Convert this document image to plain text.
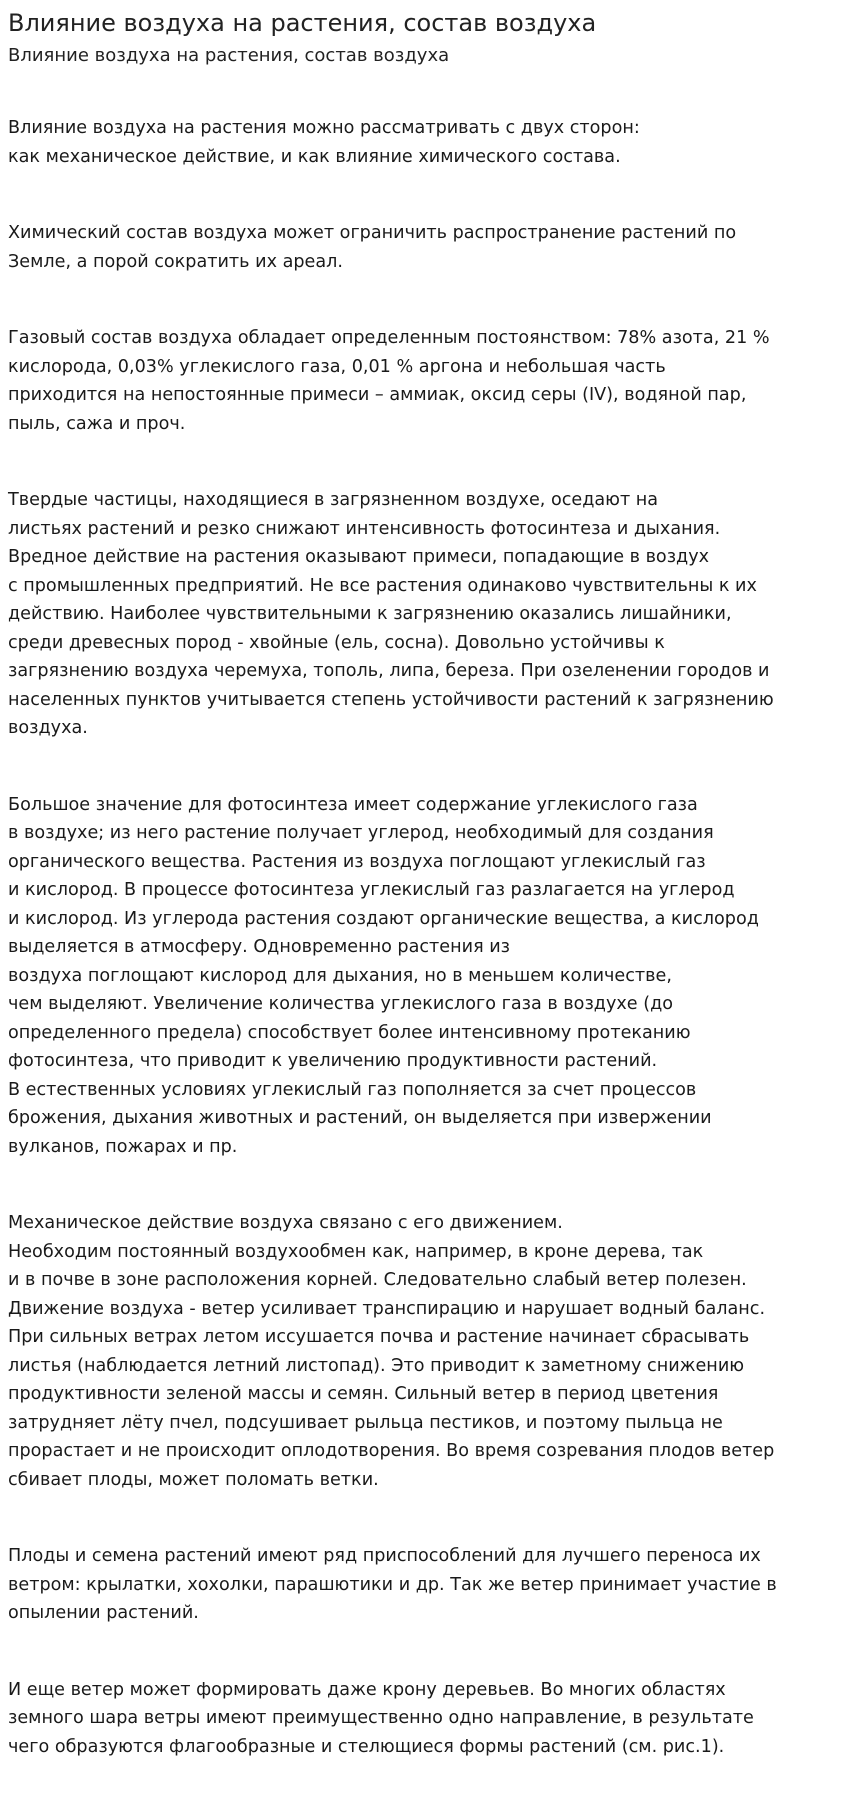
Влияние воздуха на растения, состав воздуха

Влияние воздуха на растения, состав воздуха

Влияние воздуха на растения можно рассматривать с двух сторон:
как механическое действие, и как влияние химического состава.

Химический состав воздуха может ограничить распространение растений по
Земле, а порой сократить их ареал.

Газовый состав воздуха обладает определенным постоянством: 78% азота, 21 %
кислорода, 0,03% углекислого газа, 0,01 % аргона и небольшая часть
приходится на непостоянные примеси – аммиак, оксид серы (IV), водяной пар,
пыль, сажа и проч.

Твердые частицы, находящиеся в загрязненном воздухе, оседают на
листьях растений и резко снижают интенсивность фотосинтеза и дыхания.
Вредное действие на растения оказывают примеси, попадающие в воздух
с промышленных предприятий. Не все растения одинаково чувствительны к их
действию. Наиболее чувствительными к загрязнению оказались лишайники,
среди древесных пород - хвойные (ель, сосна). Довольно устойчивы к
загрязнению воздуха черемуха, тополь, липа, береза. При озеленении городов и
населенных пунктов учитывается степень устойчивости растений к загрязнению
воздуха.

Большое значение для фотосинтеза имеет содержание углекислого газа
в воздухе; из него растение получает углерод, необходимый для создания
органического вещества. Растения из воздуха поглощают углекислый газ
и кислород. В процессе фотосинтеза углекислый газ разлагается на углерод
и кислород. Из углерода растения создают органические вещества, а кислород
выделяется в атмосферу. Одновременно растения из
воздуха поглощают кислород для дыхания, но в меньшем количестве,
чем выделяют. Увеличение количества углекислого газа в воздухе (до
определенного предела) способствует более интенсивному протеканию
фотосинтеза, что приводит к увеличению продуктивности растений.
В естественных условиях углекислый газ пополняется за счет процессов
брожения, дыхания животных и растений, он выделяется при извержении
вулканов, пожарах и пр.

Механическое действие воздуха связано с его движением.
Необходим постоянный воздухообмен как, например, в кроне дерева, так
и в почве в зоне расположения корней. Следовательно слабый ветер полезен.
Движение воздуха - ветер усиливает транспирацию и нарушает водный баланс.
При сильных ветрах летом иссушается почва и растение начинает сбрасывать
листья (наблюдается летний листопад). Это приводит к заметному снижению
продуктивности зеленой массы и семян. Сильный ветер в период цветения
затрудняет лёту пчел, подсушивает рыльца пестиков, и поэтому пыльца не
прорастает и не происходит оплодотворения. Во время созревания плодов ветер
сбивает плоды, может поломать ветки.

Плоды и семена растений имеют ряд приспособлений для лучшего переноса их
ветром: крылатки, хохолки, парашютики и др. Так же ветер принимает участие в
опылении растений.

И еще ветер может формировать даже крону деревьев. Во многих областях
земного шара ветры имеют преимущественно одно направление, в результате
чего образуются флагообразные и стелющиеся формы растений (см. рис.1).
